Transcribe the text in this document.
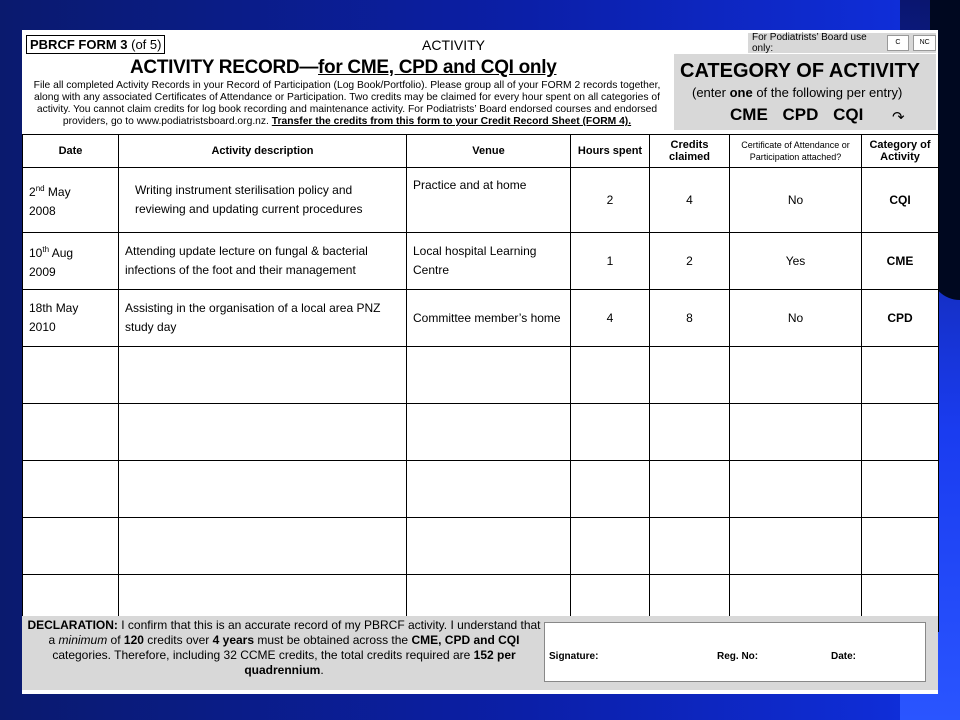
PBRCF FORM 3 (of 5)	ACTIVITY	For Podiatrists’ Board use only:
C	NC
ACTIVITY RECORD—for CME, CPD and CQI only
File all completed Activity Records in your Record of Participation (Log Book/Portfolio). Please group all of your FORM 2 records together, along with any associated Certificates of Attendance or Participation. Two credits may be claimed for every hour spent on all categories of activity. You cannot claim credits for log book recording and maintenance activity. For Podiatrists’ Board endorsed courses and endorsed providers, go to www.podiatristsboard.org.nz. Transfer the credits from this form to your Credit Record Sheet (FORM 4).
CATEGORY OF ACTIVITY
(enter one of the following per entry)
CME CPD CQI ↷
Date	Activity description	Venue	Hours spent	Credits claimed	Certificate of Attendance or Participation attached?	Category of Activity
2nd May
2008	Writing instrument sterilisation policy and reviewing and updating current procedures	Practice and at home	2	4	No	CQI
10th Aug
2009	Attending update lecture on fungal & bacterial infections of the foot and their management	Local hospital Learning Centre	1	2	Yes	CME
18th May
2010	Assisting in the organisation of a local area PNZ study day	Committee member’s home	4	8	No	CPD

DECLARATION: I confirm that this is an accurate record of my PBRCF activity. I understand that a minimum of 120 credits over 4 years must be obtained across the CME, CPD and CQI categories. Therefore, including 32 CCME credits, the total credits required are 152 per quadrennium.
Signature:	Reg. No:	Date:
